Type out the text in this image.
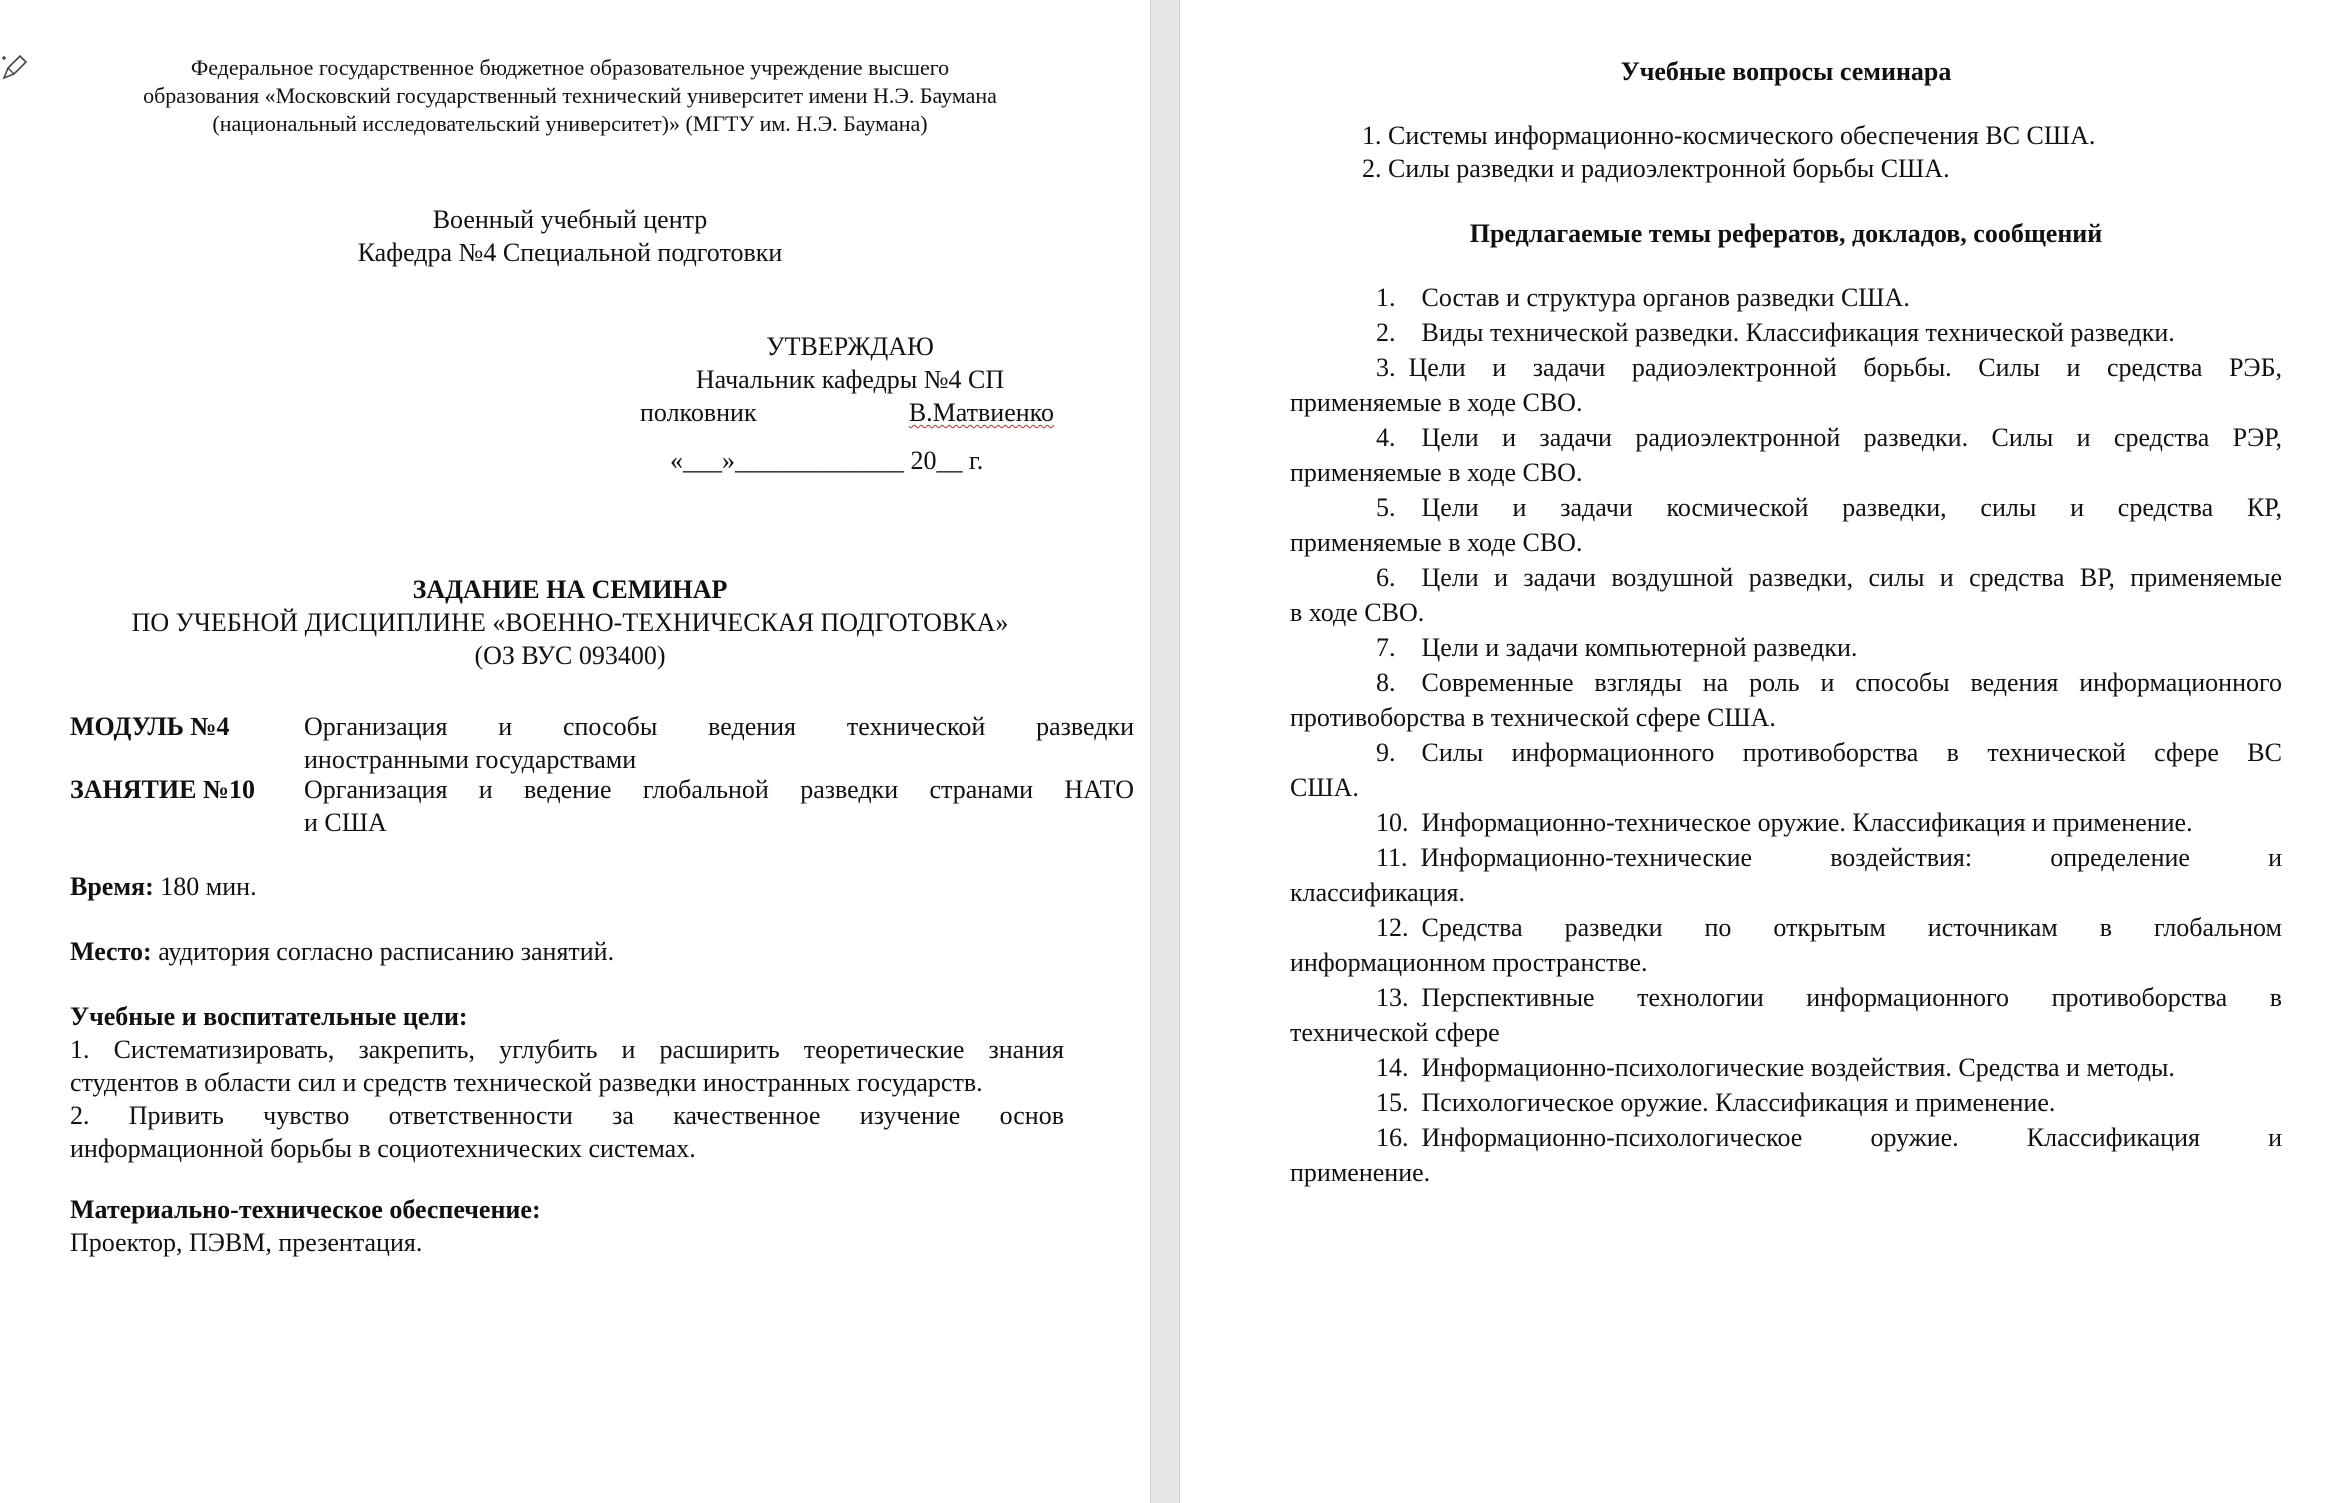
Федеральное государственное бюджетное образовательное учреждение высшего
образования «Московский государственный технический университет имени Н.Э. Баумана
(национальный исследовательский университет)» (МГТУ им. Н.Э. Баумана)
Военный учебный центр
Кафедра №4 Специальной подготовки
УТВЕРЖДАЮ
Начальник кафедры №4 СП
полковник	В.Матвиенко
«___»_____________ 20__ г.
ЗАДАНИЕ НА СЕМИНАР
ПО УЧЕБНОЙ ДИСЦИПЛИНЕ «ВОЕННО-ТЕХНИЧЕСКАЯ ПОДГОТОВКА»
(ОЗ ВУС 093400)
МОДУЛЬ №4	Организация и способы ведения технической разведки
иностранными государствами
ЗАНЯТИЕ №10 Организация и ведение глобальной разведки странами НАТО
и США
Время: 180 мин.
Место: аудитория согласно расписанию занятий.
Учебные и воспитательные цели:
1. Систематизировать, закрепить, углубить и расширить теоретические знания
студентов в области сил и средств технической разведки иностранных государств.
2. Привить чувство ответственности за качественное изучение основ
информационной борьбы в социотехнических системах.
Материально-техническое обеспечение:
Проектор, ПЭВМ, презентация.
Учебные вопросы семинара
1. Системы информационно-космического обеспечения ВС США.
2. Силы разведки и радиоэлектронной борьбы США.
Предлагаемые темы рефератов, докладов, сообщений
1. Состав и структура органов разведки США.
2. Виды технической разведки. Классификация технической разведки.
3. Цели и задачи радиоэлектронной борьбы. Силы и средства РЭБ,
применяемые в ходе СВО.
4. Цели и задачи радиоэлектронной разведки. Силы и средства РЭР,
применяемые в ходе СВО.
5. Цели и задачи космической разведки, силы и средства КР,
применяемые в ходе СВО.
6. Цели и задачи воздушной разведки, силы и средства ВР, применяемые
в ходе СВО.
7. Цели и задачи компьютерной разведки.
8. Современные взгляды на роль и способы ведения информационного
противоборства в технической сфере США.
9. Силы информационного противоборства в технической сфере ВС
США.
10. Информационно-техническое оружие. Классификация и применение.
11. Информационно-технические воздействия: определение и
классификация.
12. Средства разведки по открытым источникам в глобальном
информационном пространстве.
13. Перспективные технологии информационного противоборства в
технической сфере
14. Информационно-психологические воздействия. Средства и методы.
15. Психологическое оружие. Классификация и применение.
16. Информационно-психологическое оружие. Классификация и
применение.
